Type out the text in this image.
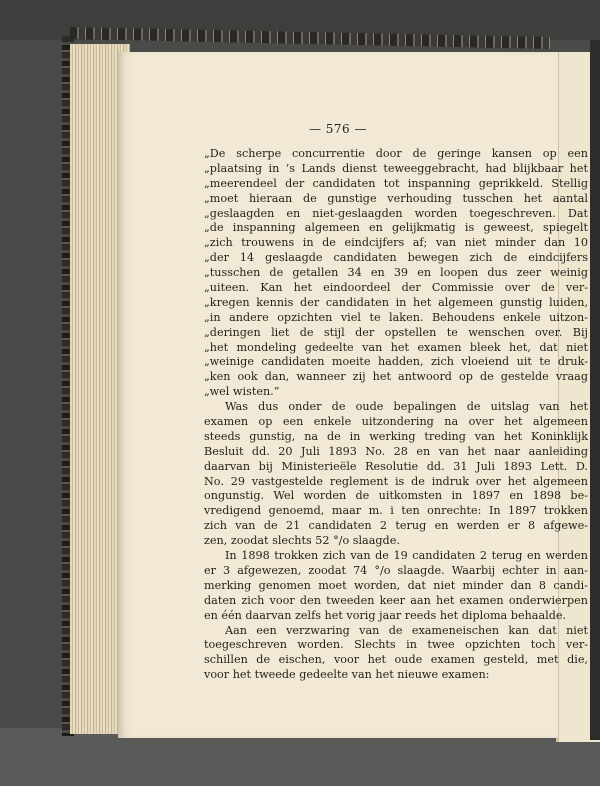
— 576 —
„De scherpe concurrentie door de geringe kansen op een
„plaatsing in ’s Lands dienst teweeggebracht, had blijkbaar het
„meerendeel der candidaten tot inspanning geprikkeld. Stellig
„moet hieraan de gunstige verhouding tusschen het aantal
„geslaagden en niet-geslaagden worden toegeschreven. Dat
„de inspanning algemeen en gelijkmatig is geweest, spiegelt
„zich trouwens in de eindcijfers af; van niet minder dan 10
„der 14 geslaagde candidaten bewegen zich de eindcijfers
„tusschen de getallen 34 en 39 en loopen dus zeer weinig
„uiteen. Kan het eindoordeel der Commissie over de ver-
„kregen kennis der candidaten in het algemeen gunstig luiden,
„in andere opzichten viel te laken. Behoudens enkele uitzon-
„deringen liet de stijl der opstellen te wenschen over. Bij
„het mondeling gedeelte van het examen bleek het, dat niet
„weinige candidaten moeite hadden, zich vloeiend uit te druk-
„ken ook dan, wanneer zij het antwoord op de gestelde vraag
„wel wisten.”
Was dus onder de oude bepalingen de uitslag van het
examen op een enkele uitzondering na over het algemeen
steeds gunstig, na de in werking treding van het Koninklijk
Besluit dd. 20 Juli 1893 No. 28 en van het naar aanleiding
daarvan bij Ministerieële Resolutie dd. 31 Juli 1893 Lett. D.
No. 29 vastgestelde reglement is de indruk over het algemeen
ongunstig. Wel worden de uitkomsten in 1897 en 1898 be-
vredigend genoemd, maar m. i ten onrechte: In 1897 trokken
zich van de 21 candidaten 2 terug en werden er 8 afgewe-
zen, zoodat slechts 52 °/o slaagde.
In 1898 trokken zich van de 19 candidaten 2 terug en werden
er 3 afgewezen, zoodat 74 °/o slaagde. Waarbij echter in aan-
merking genomen moet worden, dat niet minder dan 8 candi-
daten zich voor den tweeden keer aan het examen onderwierpen
en één daarvan zelfs het vorig jaar reeds het diploma behaalde.
Aan een verzwaring van de exameneischen kan dat niet
toegeschreven worden. Slechts in twee opzichten toch ver-
schillen de eischen, voor het oude examen gesteld, met die,
voor het tweede gedeelte van het nieuwe examen:
